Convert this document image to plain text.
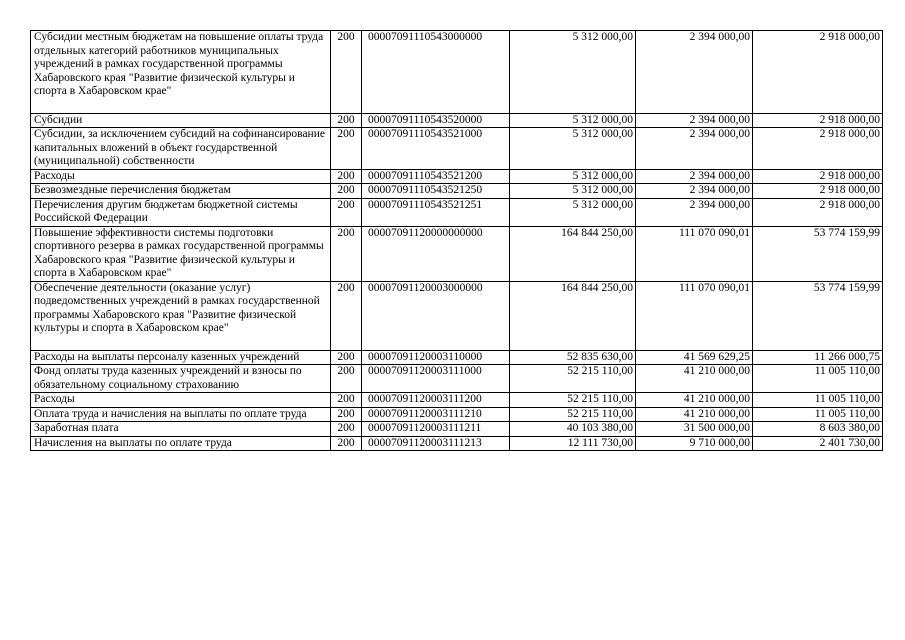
Субсидии местным бюджетам на повышение оплаты труда отдельных категорий работников муниципальных учреждений в рамках государственной программы Хабаровского края "Развитие физической культуры и спорта в Хабаровском крае"	200	00007091110543000000	5 312 000,00	2 394 000,00	2 918 000,00
Субсидии	200	00007091110543520000	5 312 000,00	2 394 000,00	2 918 000,00
Субсидии, за исключением субсидий на софинансирование капитальных вложений в объект государственной (муниципальной) собственности	200	00007091110543521000	5 312 000,00	2 394 000,00	2 918 000,00
Расходы	200	00007091110543521200	5 312 000,00	2 394 000,00	2 918 000,00
Безвозмездные перечисления бюджетам	200	00007091110543521250	5 312 000,00	2 394 000,00	2 918 000,00
Перечисления другим бюджетам бюджетной системы Российской Федерации	200	00007091110543521251	5 312 000,00	2 394 000,00	2 918 000,00
Повышение эффективности системы подготовки спортивного резерва в рамках государственной программы Хабаровского края "Развитие физической культуры и спорта в Хабаровском крае"	200	00007091120000000000	164 844 250,00	111 070 090,01	53 774 159,99
Обеспечение деятельности (оказание услуг) подведомственных учреждений в рамках государственной программы Хабаровского края "Развитие физической культуры и спорта в Хабаровском крае"	200	00007091120003000000	164 844 250,00	111 070 090,01	53 774 159,99
Расходы на выплаты персоналу казенных учреждений	200	00007091120003110000	52 835 630,00	41 569 629,25	11 266 000,75
Фонд оплаты труда казенных учреждений и взносы по обязательному социальному страхованию	200	00007091120003111000	52 215 110,00	41 210 000,00	11 005 110,00
Расходы	200	00007091120003111200	52 215 110,00	41 210 000,00	11 005 110,00
Оплата труда и начисления на выплаты по оплате труда	200	00007091120003111210	52 215 110,00	41 210 000,00	11 005 110,00
Заработная плата	200	00007091120003111211	40 103 380,00	31 500 000,00	8 603 380,00
Начисления на выплаты по оплате труда	200	00007091120003111213	12 111 730,00	9 710 000,00	2 401 730,00
